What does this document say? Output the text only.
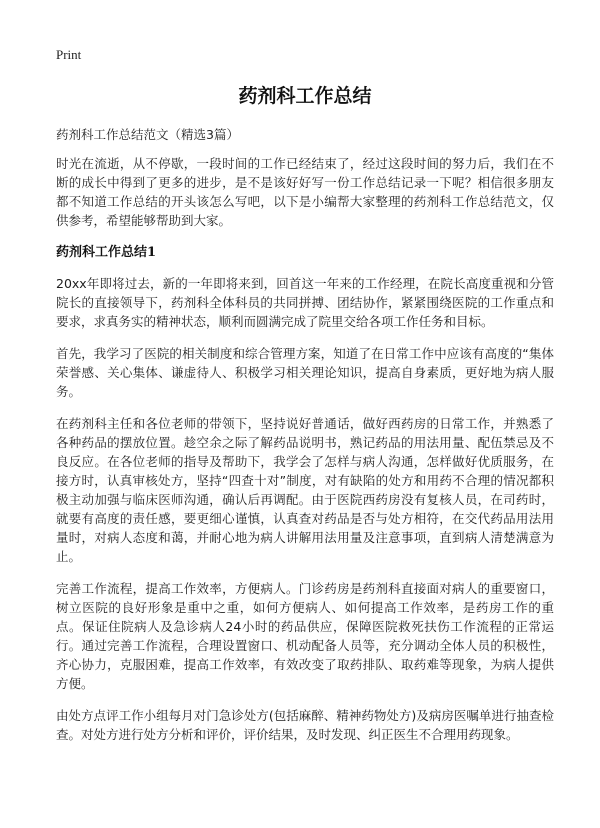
Print
药剂科工作总结
药剂科工作总结范文（精选3篇）

时光在流逝，从不停歇，一段时间的工作已经结束了，经过这段时间的努力后，我们在不断的成长中得到了更多的进步，是不是该好好写一份工作总结记录一下呢？相信很多朋友都不知道工作总结的开头该怎么写吧，以下是小编帮大家整理的药剂科工作总结范文，仅供参考，希望能够帮助到大家。

药剂科工作总结1

20xx年即将过去，新的一年即将来到，回首这一年来的工作经理，在院长高度重视和分管院长的直接领导下，药剂科全体科员的共同拼搏、团结协作，紧紧围绕医院的工作重点和要求，求真务实的精神状态，顺利而圆满完成了院里交给各项工作任务和目标。

首先，我学习了医院的相关制度和综合管理方案，知道了在日常工作中应该有高度的“集体荣誉感、关心集体、谦虚待人、积极学习相关理论知识，提高自身素质，更好地为病人服务。

在药剂科主任和各位老师的带领下，坚持说好普通话，做好西药房的日常工作，并熟悉了各种药品的摆放位置。趁空余之际了解药品说明书，熟记药品的用法用量、配伍禁忌及不良反应。在各位老师的指导及帮助下，我学会了怎样与病人沟通，怎样做好优质服务，在接方时，认真审核处方，坚持“四查十对”制度，对有缺陷的处方和用药不合理的情况都积极主动加强与临床医师沟通，确认后再调配。由于医院西药房没有复核人员，在司药时，就要有高度的责任感，要更细心谨慎，认真查对药品是否与处方相符，在交代药品用法用量时，对病人态度和蔼，并耐心地为病人讲解用法用量及注意事项，直到病人清楚满意为止。

完善工作流程，提高工作效率，方便病人。门诊药房是药剂科直接面对病人的重要窗口，树立医院的良好形象是重中之重，如何方便病人、如何提高工作效率，是药房工作的重点。保证住院病人及急诊病人24小时的药品供应，保障医院救死扶伤工作流程的正常运行。通过完善工作流程，合理设置窗口、机动配备人员等，充分调动全体人员的积极性，齐心协力，克服困难，提高工作效率，有效改变了取药排队、取药难等现象，为病人提供方便。

由处方点评工作小组每月对门急诊处方(包括麻醉、精神药物处方)及病房医嘱单进行抽查检查。对处方进行处方分析和评价，评价结果，及时发现、纠正医生不合理用药现象。
